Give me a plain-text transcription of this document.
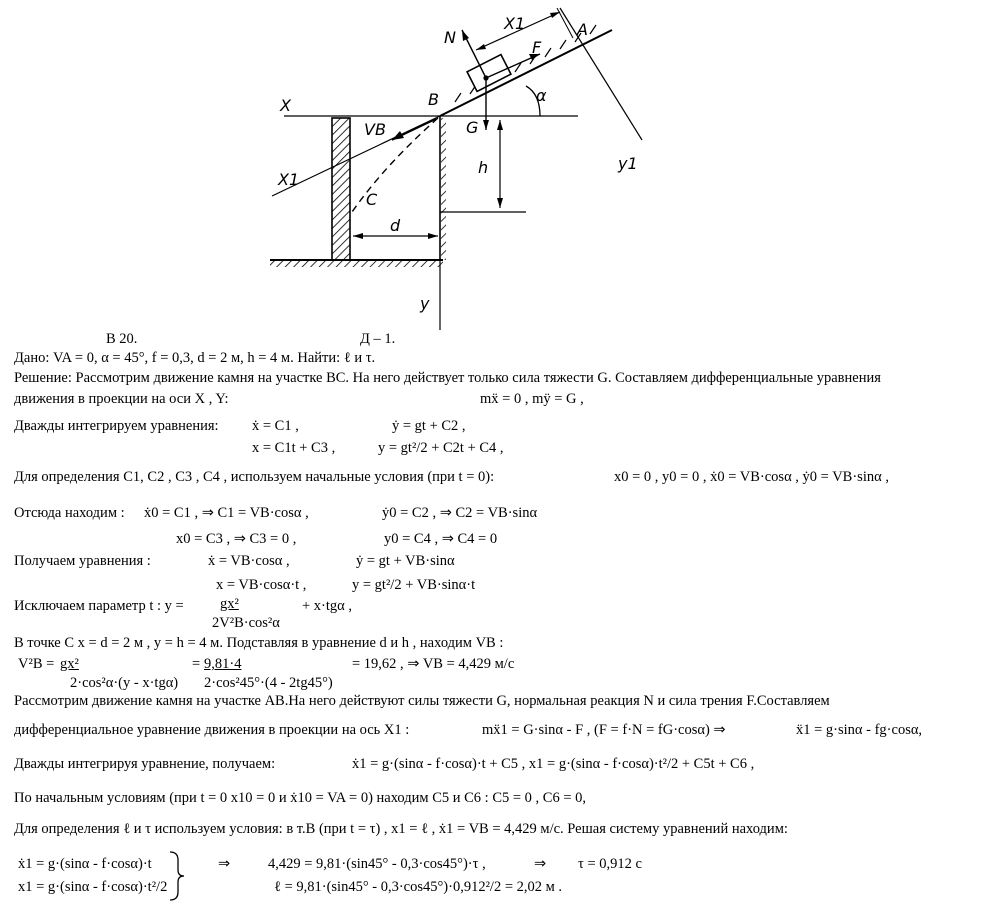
X
X1
X1
N
F
A
α
B
VB	G
h
C
d
y
y1
В 20.	Д – 1.
Дано: VA = 0, α = 45°, f = 0,3, d = 2 м, h = 4 м. Найти: ℓ и τ.
Решение: Рассмотрим движение камня на участке ВС. На него действует только сила тяжести G. Составляем дифференциальные уравнения
движения в проекции на оси X , Y:	mẍ = 0 , mÿ = G ,
Дважды интегрируем уравнения: ẋ = C1 ,	ẏ = gt + C2 ,
x = C1t + C3 ,	y = gt²/2 + C2t + C4 ,
Для определения C1, C2 , C3 , C4 , используем начальные условия (при t = 0):	x0 = 0 , y0 = 0 , ẋ0 = VB·cosα , ẏ0 = VB·sinα ,
Отсюда находим : ẋ0 = C1 , ⇒ C1 = VB·cosα ,	ẏ0 = C2 , ⇒ C2 = VB·sinα
x0 = C3 , ⇒ C3 = 0 ,	y0 = C4 , ⇒ C4 = 0
Получаем уравнения :	ẋ = VB·cosα ,	ẏ = gt + VB·sinα
x = VB·cosα·t ,	y = gt²/2 + VB·sinα·t
Исключаем параметр t : y =	gx²
2V²B·cos²α
+ x·tgα ,
В точке C x = d = 2 м , y = h = 4 м. Подставляя в уравнение d и h , находим VB :
V²B = gx²
2·cos²α·(y - x·tgα)
= 9,81·4
2·cos²45°·(4 - 2tg45°)
= 19,62 , ⇒ VB = 4,429 м/c
Рассмотрим движение камня на участке АВ.На него действуют силы тяжести G, нормальная реакция N и сила трения F.Составляем
дифференциальное уравнение движения в проекции на ось X1 :	mẍ1 = G·sinα - F , (F = f·N = fG·cosα) ⇒	ẍ1 = g·sinα - fg·cosα,
Дважды интегрируя уравнение, получаем:	ẋ1 = g·(sinα - f·cosα)·t + C5 , x1 = g·(sinα - f·cosα)·t²/2 + C5t + C6 ,
По начальным условиям (при t = 0 x10 = 0 и ẋ10 = VA = 0) находим C5 и C6 : C5 = 0 , C6 = 0,
Для определения ℓ и τ используем условия: в т.В (при t = τ) , x1 = ℓ , ẋ1 = VB = 4,429 м/с. Решая систему уравнений находим:
ẋ1 = g·(sinα - f·cosα)·t
x1 = g·(sinα - f·cosα)·t²/2
⇒	4,429 = 9,81·(sin45° - 0,3·cos45°)·τ ,	⇒ τ = 0,912 с
ℓ = 9,81·(sin45° - 0,3·cos45°)·0,912²/2 = 2,02 м .
